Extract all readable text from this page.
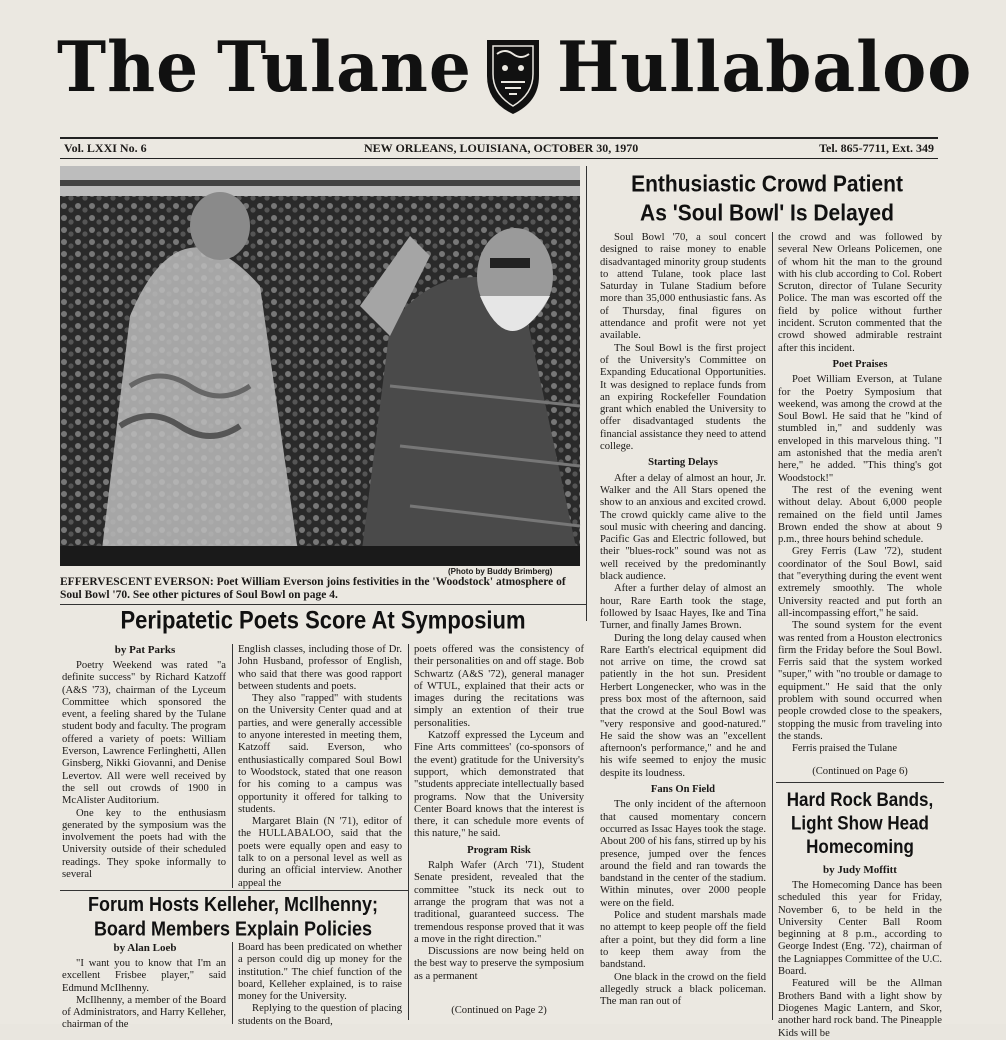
The Tulane Hullabaloo
Vol. LXXI No. 6	NEW ORLEANS, LOUISIANA, OCTOBER 30, 1970	Tel. 865-7711, Ext. 349
(Photo by Buddy Brimberg)
EFFERVESCENT EVERSON: Poet William Everson joins festivities in the 'Woodstock' atmosphere of Soul Bowl '70. See other pictures of Soul Bowl on page 4.
Enthusiastic Crowd Patient
As 'Soul Bowl' Is Delayed

Soul Bowl '70, a soul concert designed to raise money to enable disadvantaged minority group students to attend Tulane, took place last Saturday in Tulane Stadium before more than 35,000 enthusiastic fans. As of Thursday, final figures on attendance and profit were not yet available.

The Soul Bowl is the first project of the University's Committee on Expanding Educational Opportunities. It was designed to replace funds from an expiring Rockefeller Foundation grant which enabled the University to offer disadvantaged students the financial assistance they need to attend college.

Starting Delays

After a delay of almost an hour, Jr. Walker and the All Stars opened the show to an anxious and excited crowd. The crowd quickly came alive to the soul music with cheering and dancing. Pacific Gas and Electric followed, but their "blues-rock" sound was not as well received by the predominantly black audience.

After a further delay of almost an hour, Rare Earth took the stage, followed by Isaac Hayes, Ike and Tina Turner, and finally James Brown.

During the long delay caused when Rare Earth's electrical equipment did not arrive on time, the crowd sat patiently in the hot sun. President Herbert Longenecker, who was in the press box most of the afternoon, said that the crowd at the Soul Bowl was "very responsive and good-natured." He said the show was an "excellent afternoon's performance," and he and his wife seemed to enjoy the music despite its loudness.

Fans On Field

The only incident of the afternoon that caused momentary concern occurred as Issac Hayes took the stage. About 200 of his fans, stirred up by his presence, jumped over the fences around the field and ran towards the bandstand in the center of the stadium. Within minutes, over 2000 people were on the field.

Police and student marshals made no attempt to keep people off the field after a point, but they did form a line to keep them away from the bandstand.

One black in the crowd on the field allegedly struck a black policeman. The man ran out of

the crowd and was followed by several New Orleans Policemen, one of whom hit the man to the ground with his club according to Col. Robert Scruton, director of Tulane Security Police. The man was escorted off the field by police without further incident. Scruton commented that the crowd showed admirable restraint after this incident.

Poet Praises

Poet William Everson, at Tulane for the Poetry Symposium that weekend, was among the crowd at the Soul Bowl. He said that he "kind of stumbled in," and suddenly was enveloped in this marvelous thing. "I am astonished that the media aren't here," he added. "This thing's got Woodstock!"

The rest of the evening went without delay. About 6,000 people remained on the field until James Brown ended the show at about 9 p.m., three hours behind schedule.

Grey Ferris (Law '72), student coordinator of the Soul Bowl, said that "everything during the event went extremely smoothly. The whole University reacted and put forth an all-incompassing effort," he said.

The sound system for the event was rented from a Houston electronics firm the Friday before the Soul Bowl. Ferris said that the system worked "super," with "no trouble or damage to equipment." He said that the only problem with sound occurred when people crowded close to the speakers, stopping the music from traveling into the stands.

Ferris praised the Tulane

(Continued on Page 6)
Hard Rock Bands,
Light Show Head
Homecoming
by Judy Moffitt

The Homecoming Dance has been scheduled this year for Friday, November 6, to be held in the University Center Ball Room beginning at 8 p.m., according to George Indest (Eng. '72), chairman of the Lagniappes Committee of the U.C. Board.

Featured will be the Allman Brothers Band with a light show by Diogenes Magic Lantern, and Skor, another hard rock band. The Pineapple Kids will be

Peripatetic Poets Score At Symposium
by Pat Parks

Poetry Weekend was rated "a definite success" by Richard Katzoff (A&S '73), chairman of the Lyceum Committee which sponsored the event, a feeling shared by the Tulane student body and faculty. The program offered a variety of poets: William Everson, Lawrence Ferlinghetti, Allen Ginsberg, Nikki Giovanni, and Denise Levertov. All were well received by the sell out crowds of 1900 in McAlister Auditorium.

One key to the enthusiasm generated by the symposium was the involvement the poets had with the University outside of their scheduled readings. They spoke informally to several

English classes, including those of Dr. John Husband, professor of English, who said that there was good rapport between students and poets.

They also "rapped" with students on the University Center quad and at parties, and were generally accessible to anyone interested in meeting them, Katzoff said. Everson, who enthusiastically compared Soul Bowl to Woodstock, stated that one reason for his coming to a campus was opportunity it offered for talking to students.

Margaret Blain (N '71), editor of the HULLABALOO, said that the poets were equally open and easy to talk to on a personal level as well as during an official interview. Another appeal the

poets offered was the consistency of their personalities on and off stage. Bob Schwartz (A&S '72), general manager of WTUL, explained that their acts or images during the recitations was simply an extention of their true personalities.

Katzoff expressed the Lyceum and Fine Arts committees' (co-sponsors of the event) gratitude for the University's support, which demonstrated that "students appreciate intellectually based programs. Now that the University Center Board knows that the interest is there, it can schedule more events of this nature," he said.

Program Risk

Ralph Wafer (Arch '71), Student Senate president, revealed that the committee "stuck its neck out to arrange the program that was not a traditional, guaranteed success. The tremendous response proved that it was a move in the right direction."

Discussions are now being held on the best way to preserve the symposium as a permanent

(Continued on Page 2)
Forum Hosts Kelleher, McIlhenny;
Board Members Explain Policies
by Alan Loeb

"I want you to know that I'm an excellent Frisbee player," said Edmund McIlhenny.

McIlhenny, a member of the Board of Administrators, and Harry Kelleher, chairman of the

Board has been predicated on whether a person could dig up money for the institution." The chief function of the board, Kelleher explained, is to raise money for the University.

Replying to the question of placing students on the Board,
